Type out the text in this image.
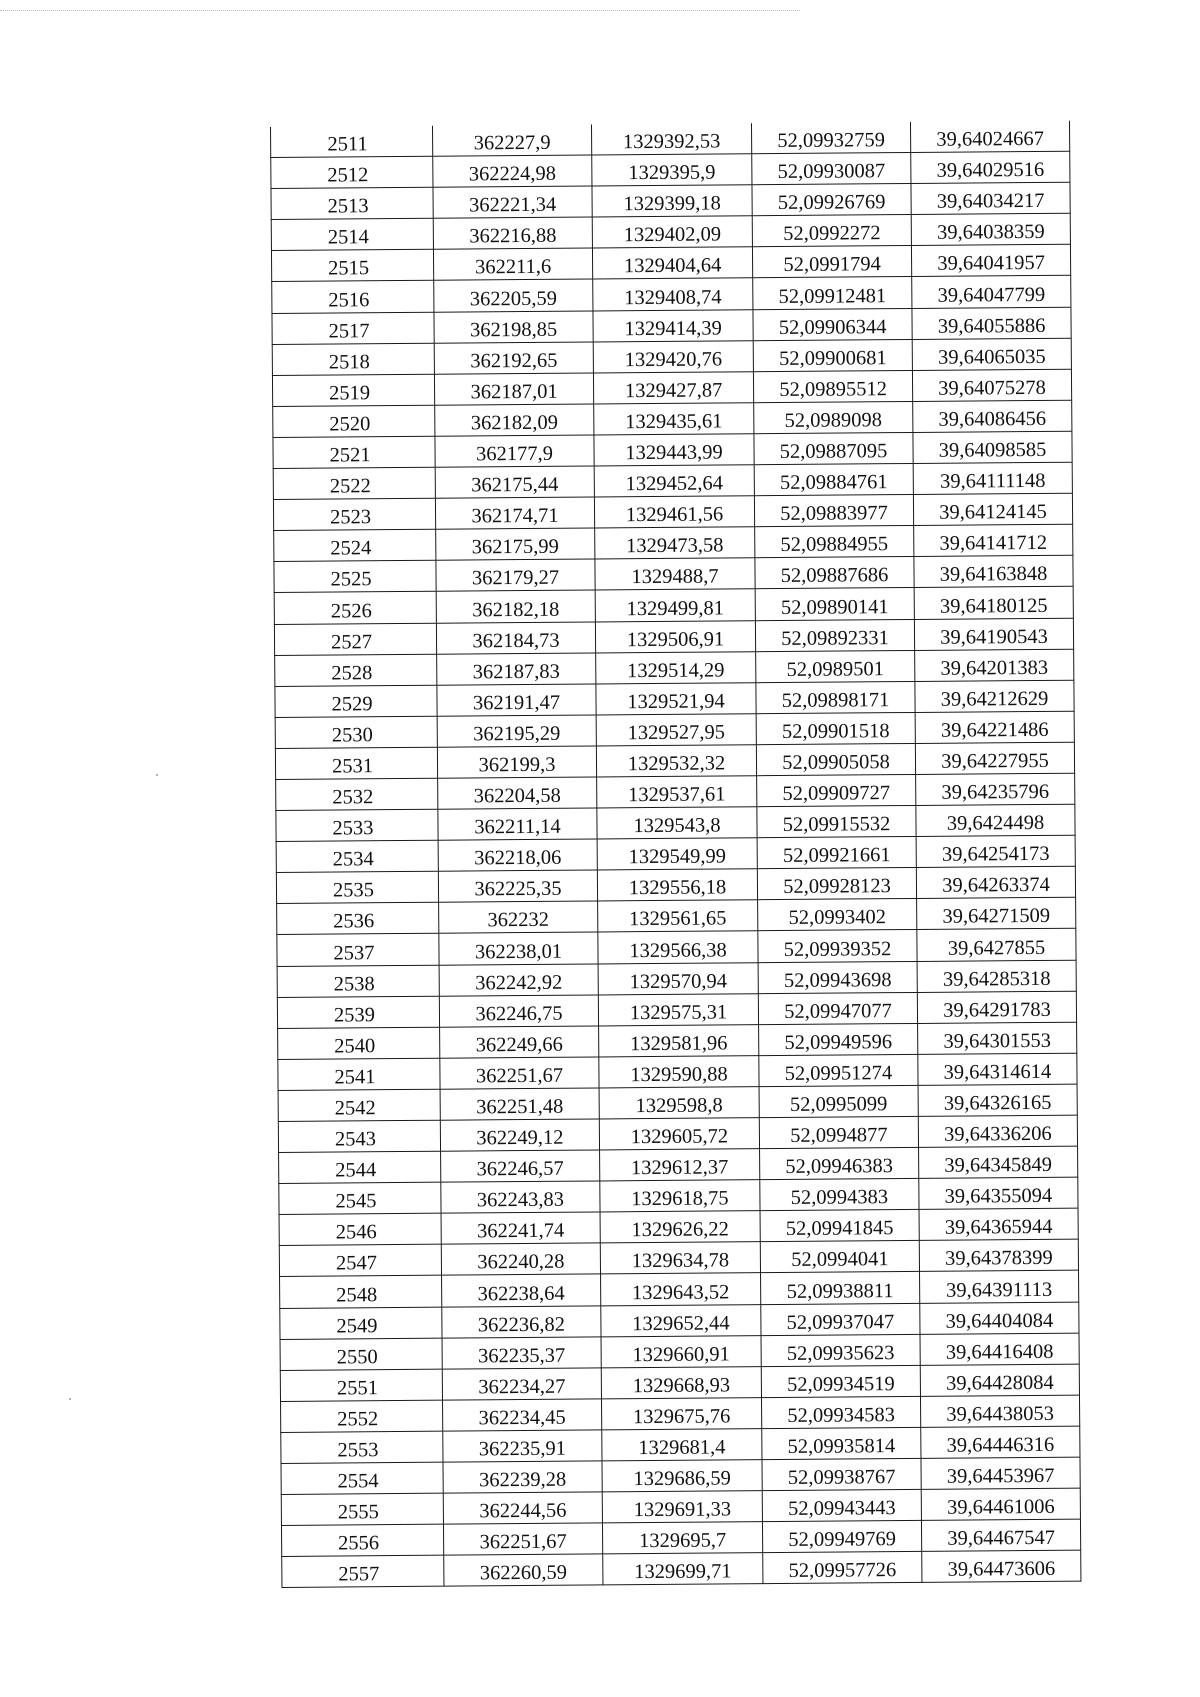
2511	362227,9	1329392,53	52,09932759	39,64024667
2512	362224,98	1329395,9	52,09930087	39,64029516
2513	362221,34	1329399,18	52,09926769	39,64034217
2514	362216,88	1329402,09	52,0992272	39,64038359
2515	362211,6	1329404,64	52,0991794	39,64041957
2516	362205,59	1329408,74	52,09912481	39,64047799
2517	362198,85	1329414,39	52,09906344	39,64055886
2518	362192,65	1329420,76	52,09900681	39,64065035
2519	362187,01	1329427,87	52,09895512	39,64075278
2520	362182,09	1329435,61	52,0989098	39,64086456
2521	362177,9	1329443,99	52,09887095	39,64098585
2522	362175,44	1329452,64	52,09884761	39,64111148
2523	362174,71	1329461,56	52,09883977	39,64124145
2524	362175,99	1329473,58	52,09884955	39,64141712
2525	362179,27	1329488,7	52,09887686	39,64163848
2526	362182,18	1329499,81	52,09890141	39,64180125
2527	362184,73	1329506,91	52,09892331	39,64190543
2528	362187,83	1329514,29	52,0989501	39,64201383
2529	362191,47	1329521,94	52,09898171	39,64212629
2530	362195,29	1329527,95	52,09901518	39,64221486
2531	362199,3	1329532,32	52,09905058	39,64227955
2532	362204,58	1329537,61	52,09909727	39,64235796
2533	362211,14	1329543,8	52,09915532	39,6424498
2534	362218,06	1329549,99	52,09921661	39,64254173
2535	362225,35	1329556,18	52,09928123	39,64263374
2536	362232	1329561,65	52,0993402	39,64271509
2537	362238,01	1329566,38	52,09939352	39,6427855
2538	362242,92	1329570,94	52,09943698	39,64285318
2539	362246,75	1329575,31	52,09947077	39,64291783
2540	362249,66	1329581,96	52,09949596	39,64301553
2541	362251,67	1329590,88	52,09951274	39,64314614
2542	362251,48	1329598,8	52,0995099	39,64326165
2543	362249,12	1329605,72	52,0994877	39,64336206
2544	362246,57	1329612,37	52,09946383	39,64345849
2545	362243,83	1329618,75	52,0994383	39,64355094
2546	362241,74	1329626,22	52,09941845	39,64365944
2547	362240,28	1329634,78	52,0994041	39,64378399
2548	362238,64	1329643,52	52,09938811	39,64391113
2549	362236,82	1329652,44	52,09937047	39,64404084
2550	362235,37	1329660,91	52,09935623	39,64416408
2551	362234,27	1329668,93	52,09934519	39,64428084
2552	362234,45	1329675,76	52,09934583	39,64438053
2553	362235,91	1329681,4	52,09935814	39,64446316
2554	362239,28	1329686,59	52,09938767	39,64453967
2555	362244,56	1329691,33	52,09943443	39,64461006
2556	362251,67	1329695,7	52,09949769	39,64467547
2557	362260,59	1329699,71	52,09957726	39,64473606
